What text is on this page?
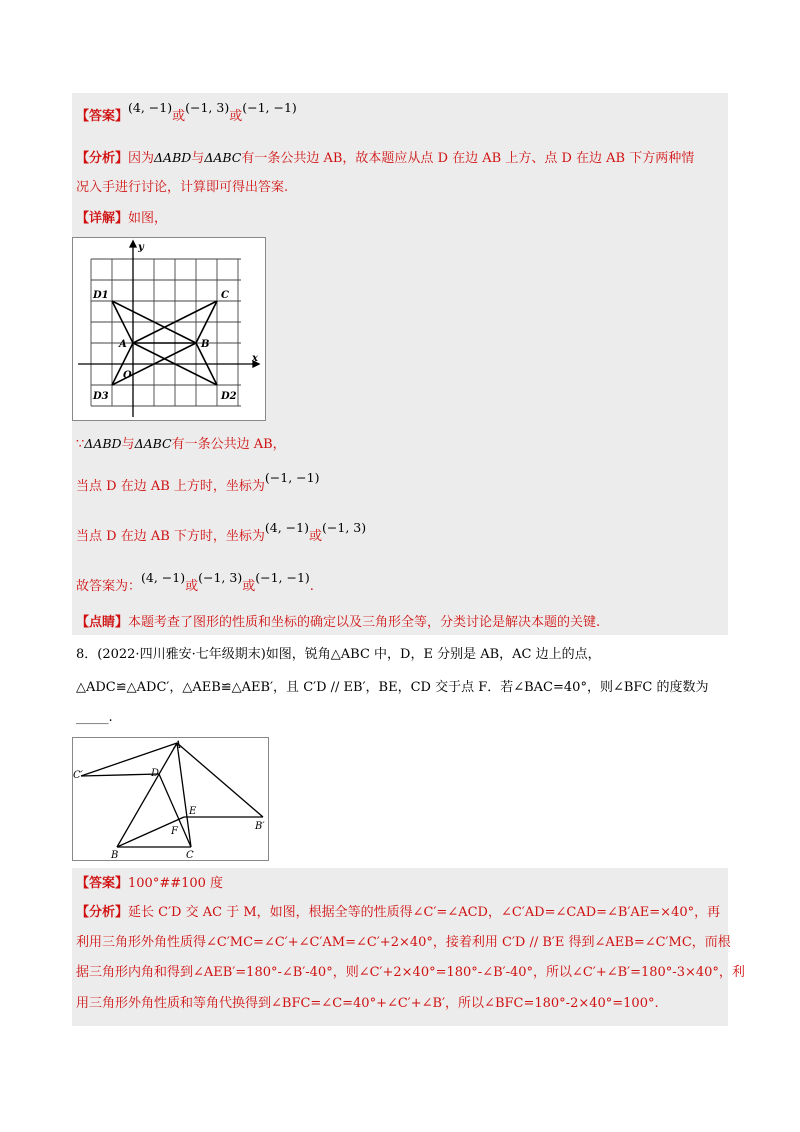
【答案】(4, −1)或(−1, 3)或(−1, −1)
【分析】因为ΔABD与ΔABC有一条公共边 AB，故本题应从点 D 在边 AB 上方、点 D 在边 AB 下方两种情
况入手进行讨论，计算即可得出答案.
【详解】如图，
y
x
O
A	B
C
D1
D2
D3
∵ΔABD与ΔABC有一条公共边 AB，
当点 D 在边 AB 上方时，坐标为(−1, −1)
当点 D 在边 AB 下方时，坐标为(4, −1)或(−1, 3)
故答案为：(4, −1)或(−1, 3)或(−1, −1).
【点睛】本题考查了图形的性质和坐标的确定以及三角形全等，分类讨论是解决本题的关键.
8．(2022·四川雅安·七年级期末)如图，锐角△ABC 中，D，E 分别是 AB，AC 边上的点，
△ADC≌△ADC′，△AEB≌△AEB′，且 C′D // EB′，BE，CD 交于点 F．若∠BAC=40°，则∠BFC 的度数为
_____.
A
C′	D
E
F	B′
B	C
【答案】100°##100 度
【分析】延长 C′D 交 AC 于 M，如图，根据全等的性质得∠C′=∠ACD，∠C′AD=∠CAD=∠B′AE=×40°，再
利用三角形外角性质得∠C′MC=∠C′+∠C′AM=∠C′+2×40°，接着利用 C′D // B′E 得到∠AEB=∠C′MC，而根
据三角形内角和得到∠AEB′=180°-∠B′-40°，则∠C′+2×40°=180°-∠B′-40°，所以∠C′+∠B′=180°-3×40°，利
用三角形外角性质和等角代换得到∠BFC=∠C=40°+∠C′+∠B′，所以∠BFC=180°-2×40°=100°.
